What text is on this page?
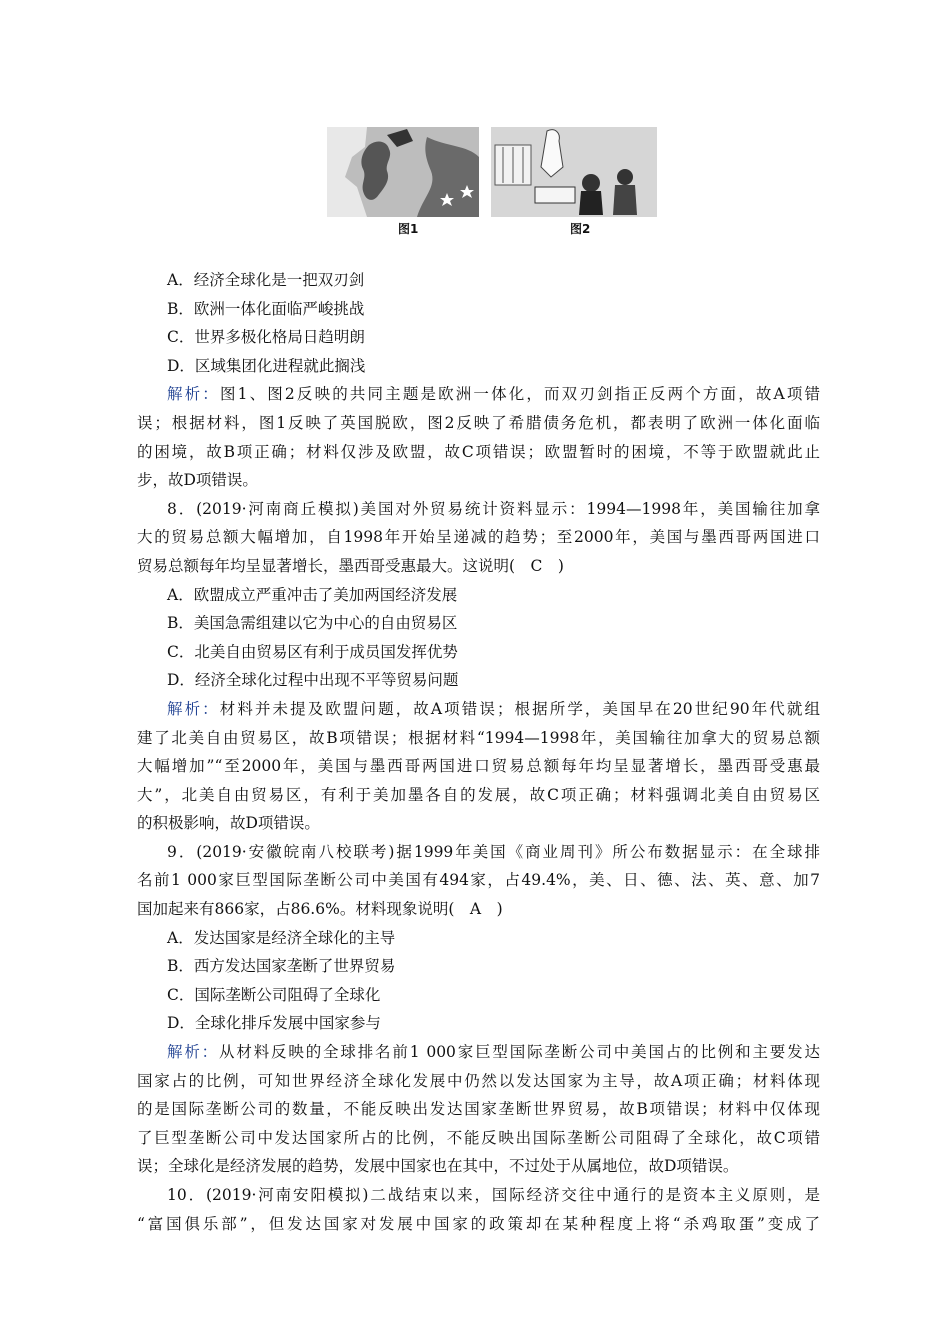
图1	图2
A．经济全球化是一把双刃剑
B．欧洲一体化面临严峻挑战
C．世界多极化格局日趋明朗
D．区域集团化进程就此搁浅
解析：图1、图2反映的共同主题是欧洲一体化，而双刃剑指正反两个方面，故A项错
误；根据材料，图1反映了英国脱欧，图2反映了希腊债务危机，都表明了欧洲一体化面临
的困境，故B项正确；材料仅涉及欧盟，故C项错误；欧盟暂时的困境，不等于欧盟就此止
步，故D项错误。
8．(2019·河南商丘模拟)美国对外贸易统计资料显示：1994—1998年，美国输往加拿
大的贸易总额大幅增加，自1998年开始呈递减的趋势；至2000年，美国与墨西哥两国进口
贸易总额每年均呈显著增长，墨西哥受惠最大。这说明(　C　)
A．欧盟成立严重冲击了美加两国经济发展
B．美国急需组建以它为中心的自由贸易区
C．北美自由贸易区有利于成员国发挥优势
D．经济全球化过程中出现不平等贸易问题
解析：材料并未提及欧盟问题，故A项错误；根据所学，美国早在20世纪90年代就组
建了北美自由贸易区，故B项错误；根据材料“1994—1998年，美国输往加拿大的贸易总额
大幅增加”“至2000年，美国与墨西哥两国进口贸易总额每年均呈显著增长，墨西哥受惠最
大”，北美自由贸易区，有利于美加墨各自的发展，故C项正确；材料强调北美自由贸易区
的积极影响，故D项错误。
9．(2019·安徽皖南八校联考)据1999年美国《商业周刊》所公布数据显示：在全球排
名前1 000家巨型国际垄断公司中美国有494家，占49.4%，美、日、德、法、英、意、加7
国加起来有866家，占86.6%。材料现象说明(　A　)
A．发达国家是经济全球化的主导
B．西方发达国家垄断了世界贸易
C．国际垄断公司阻碍了全球化
D．全球化排斥发展中国家参与
解析：从材料反映的全球排名前1 000家巨型国际垄断公司中美国占的比例和主要发达
国家占的比例，可知世界经济全球化发展中仍然以发达国家为主导，故A项正确；材料体现
的是国际垄断公司的数量，不能反映出发达国家垄断世界贸易，故B项错误；材料中仅体现
了巨型垄断公司中发达国家所占的比例，不能反映出国际垄断公司阻碍了全球化，故C项错
误；全球化是经济发展的趋势，发展中国家也在其中，不过处于从属地位，故D项错误。
10．(2019·河南安阳模拟)二战结束以来，国际经济交往中通行的是资本主义原则，是
“富国俱乐部”，但发达国家对发展中国家的政策却在某种程度上将“杀鸡取蛋”变成了
